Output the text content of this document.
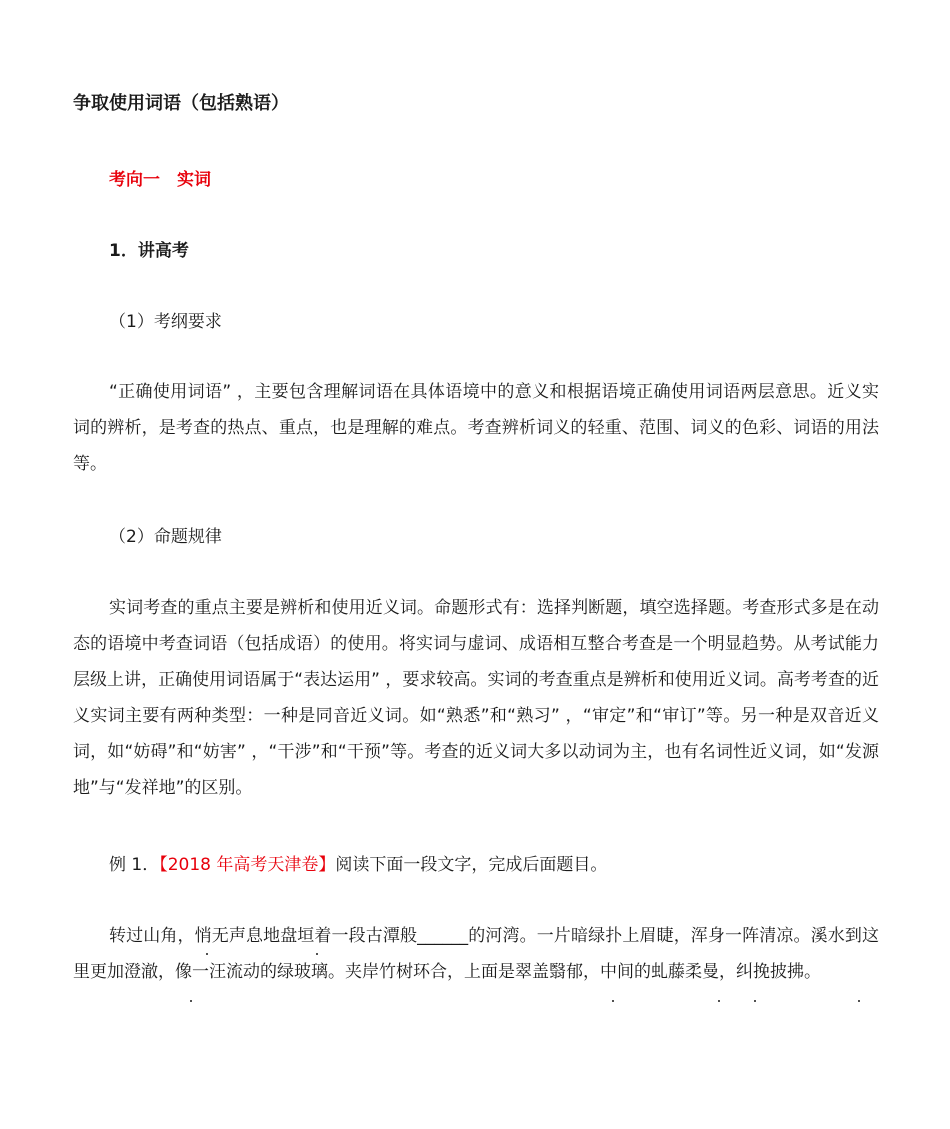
争取使用词语（包括熟语）
考向一　实词
1．讲高考
（1）考纲要求
“正确使用词语” ，主要包含理解词语在具体语境中的意义和根据语境正确使用词语两层意思。近义实词的辨析，是考查的热点、重点，也是理解的难点。考查辨析词义的轻重、范围、词义的色彩、词语的用法等。
（2）命题规律
实词考查的重点主要是辨析和使用近义词。命题形式有：选择判断题，填空选择题。考查形式多是在动态的语境中考查词语（包括成语）的使用。将实词与虚词、成语相互整合考查是一个明显趋势。从考试能力层级上讲，正确使用词语属于“表达运用” ，要求较高。实词的考查重点是辨析和使用近义词。高考考查的近义实词主要有两种类型：一种是同音近义词。如“熟悉”和“熟习” ，“审定”和“审订”等。另一种是双音近义词，如“妨碍”和“妨害” ，“干涉”和“干预”等。考查的近义词大多以动词为主，也有名词性近义词，如“发源地”与“发祥地”的区别。
例 1．【2018 年高考天津卷】阅读下面一段文字，完成后面题目。
转过山角，悄无声息地盘垣着一段古潭般______的河湾。一片暗绿扑上眉睫，浑身一阵清凉。溪水到这里更加澄澈，像一汪流动的绿玻璃。夹岸竹树环合，上面是翠盖翳郁，中间的虬藤柔曼，纠挽披拂。
